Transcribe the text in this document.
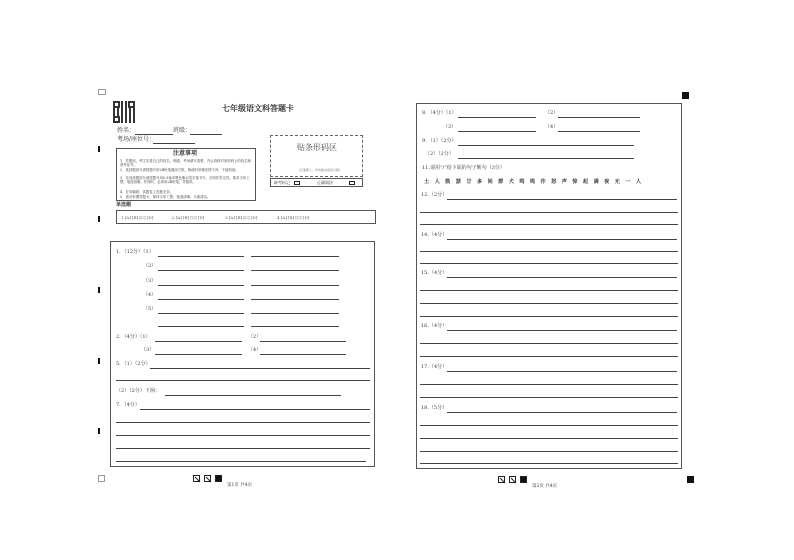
七年级语文科答题卡
姓名：	班级：
考场/座位号：
注意事项
1．答题前，考生先将自己的姓名、班级、考场填写清楚，并认真核对条形码上的姓名和准考证号。
2．选择题部分请按题号用2B铅笔填涂方框，修改时用橡皮擦干净，不留痕迹。
3．非选择题部分请按题号用0.5毫米黑色墨水签字笔书写，否则作答无效。要求字体工整、笔迹清晰。作图时，必须用2B铅笔，并描浓。
4．在草稿纸、试题卷上答题无效。
5．请勿折叠答题卡，保持字体工整、笔迹清晰、卡面清洁。
贴条形码区
（正面朝上，切勿贴出虚线方框）
缺考标记	正确填涂
单选题
1 [A] [B] [C] [D]	2 [A] [B] [C] [D]	3 [A] [B] [C] [D]	4 [A] [B] [C] [D]
1．（12分）（1）
（2）
（3）
（4）
（5）
2．（4分）（1）	（2）
（3）	（4）
5．（1）（2分）
（2）（2分）下阕：
7．（4分）
第1页 共4页
8．（4分）（1）	（2）
（3）	（4）
9．（1）（2分）
（2）（2分）
11.请用“/”给下面的句子断句（3分）
土 人 鼓 瑟 廿 多 间 群 犬 鸣 鸣 作 怒 声 惊 起 满 夜 无 一 人
12.（2分）
14.（4分）
15.（4分）
16.（4分）
17.（4分）
18.（5分）
第2页 共4页
